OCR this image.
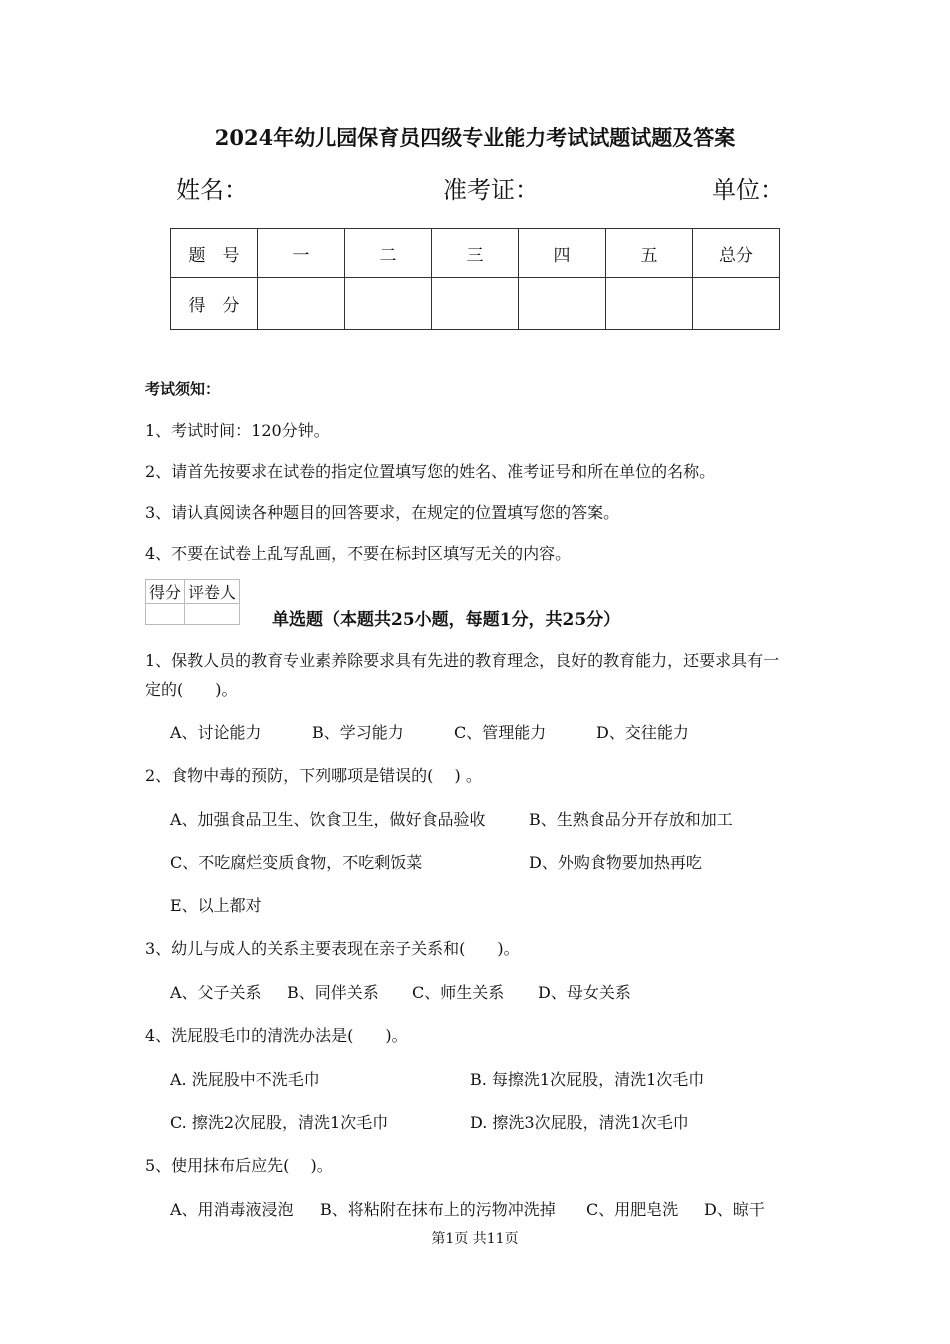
2024年幼儿园保育员四级专业能力考试试题试题及答案
姓名：	准考证：	单位：
题　号	一	二	三	四	五	总分
得　分						
考试须知：
1、考试时间：120分钟。
2、请首先按要求在试卷的指定位置填写您的姓名、准考证号和所在单位的名称。
3、请认真阅读各种题目的回答要求，在规定的位置填写您的答案。
4、不要在试卷上乱写乱画，不要在标封区填写无关的内容。
得分	评卷人

单选题（本题共25小题，每题1分，共25分）
1、保教人员的教育专业素养除要求具有先进的教育理念，良好的教育能力，还要求具有一
定的(　　)。
A、讨论能力	B、学习能力	C、管理能力	D、交往能力
2、食物中毒的预防，下列哪项是错误的(　 ) 。
A、加强食品卫生、饮食卫生，做好食品验收	B、生熟食品分开存放和加工
C、不吃腐烂变质食物，不吃剩饭菜	D、外购食物要加热再吃
E、以上都对
3、幼儿与成人的关系主要表现在亲子关系和(　　)。
A、父子关系 B、同伴关系 C、师生关系 D、母女关系
4、洗屁股毛巾的清洗办法是(　　)。
A. 洗屁股中不洗毛巾	B. 每擦洗1次屁股，清洗1次毛巾
C. 擦洗2次屁股，清洗1次毛巾	D. 擦洗3次屁股，清洗1次毛巾
5、使用抹布后应先(　 )。
A、用消毒液浸泡 B、将粘附在抹布上的污物冲洗掉 C、用肥皂洗 D、晾干
第1页 共11页
